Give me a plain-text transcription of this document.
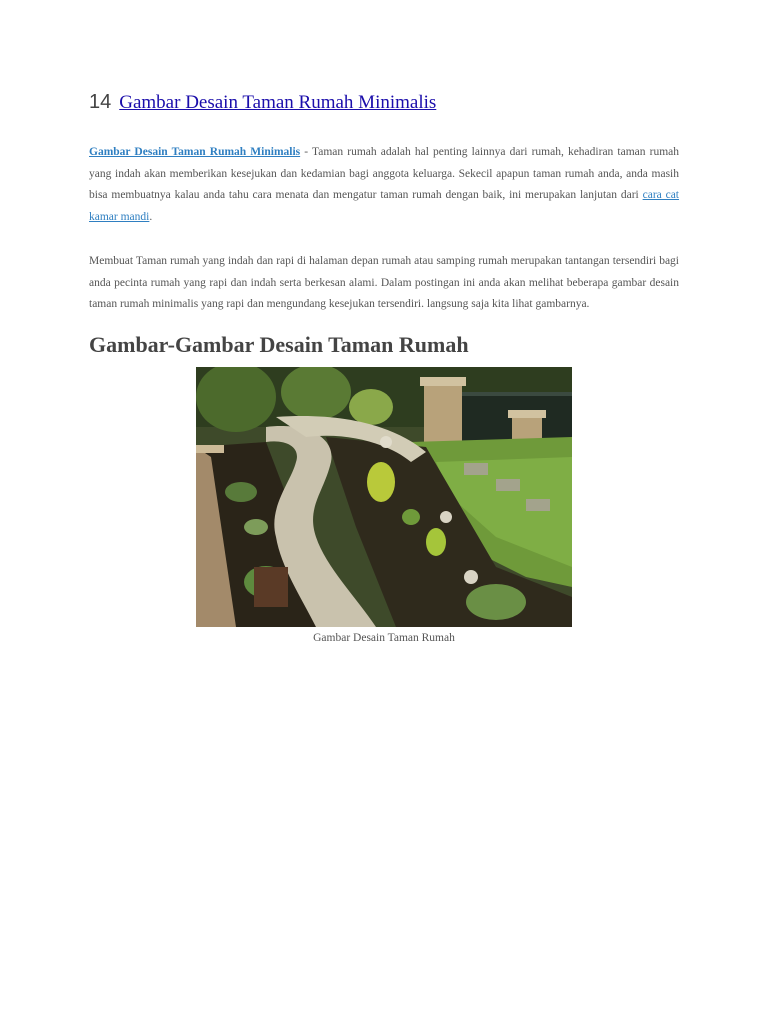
14 Gambar Desain Taman Rumah Minimalis

Gambar Desain Taman Rumah Minimalis - Taman rumah adalah hal penting lainnya dari rumah, kehadiran taman rumah yang indah akan memberikan kesejukan dan kedamian bagi anggota keluarga. Sekecil apapun taman rumah anda, anda masih bisa membuatnya kalau anda tahu cara menata dan mengatur taman rumah dengan baik, ini merupakan lanjutan dari cara cat kamar mandi.

Membuat Taman rumah yang indah dan rapi di halaman depan rumah atau samping rumah merupakan tantangan tersendiri bagi anda pecinta rumah yang rapi dan indah serta berkesan alami. Dalam postingan ini anda akan melihat beberapa gambar desain taman rumah minimalis yang rapi dan mengundang kesejukan tersendiri. langsung saja kita lihat gambarnya.

Gambar-Gambar Desain Taman Rumah
Gambar Desain Taman Rumah
